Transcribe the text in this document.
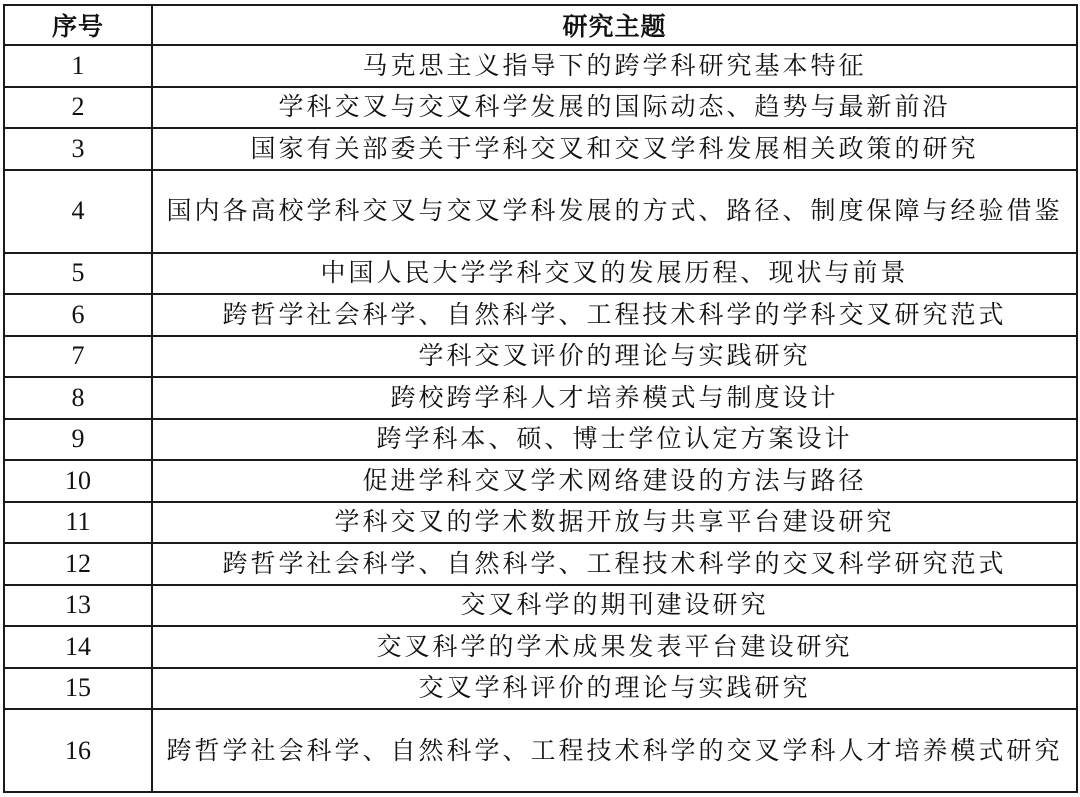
序号	研究主题
1	马克思主义指导下的跨学科研究基本特征
2	学科交叉与交叉科学发展的国际动态、趋势与最新前沿
3	国家有关部委关于学科交叉和交叉学科发展相关政策的研究
4	国内各高校学科交叉与交叉学科发展的方式、路径、制度保障与经验借鉴
5	中国人民大学学科交叉的发展历程、现状与前景
6	跨哲学社会科学、自然科学、工程技术科学的学科交叉研究范式
7	学科交叉评价的理论与实践研究
8	跨校跨学科人才培养模式与制度设计
9	跨学科本、硕、博士学位认定方案设计
10	促进学科交叉学术网络建设的方法与路径
11	学科交叉的学术数据开放与共享平台建设研究
12	跨哲学社会科学、自然科学、工程技术科学的交叉科学研究范式
13	交叉科学的期刊建设研究
14	交叉科学的学术成果发表平台建设研究
15	交叉学科评价的理论与实践研究
16	跨哲学社会科学、自然科学、工程技术科学的交叉学科人才培养模式研究
